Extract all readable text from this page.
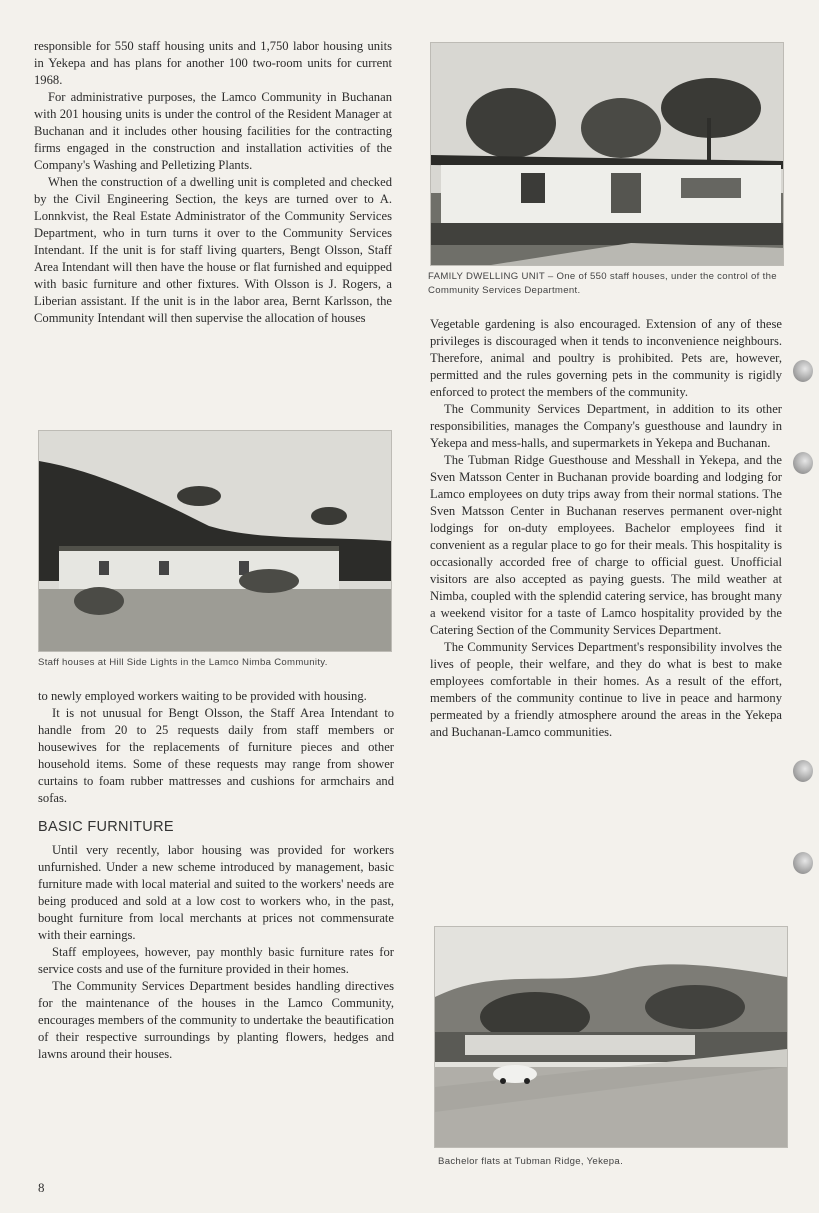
responsible for 550 staff housing units and 1,750 labor housing units in Yekepa and has plans for another 100 two-room units for current 1968.

For administrative purposes, the Lamco Community in Buchanan with 201 housing units is under the control of the Resident Manager at Buchanan and it includes other housing facilities for the contracting firms engaged in the construction and installation activities of the Company's Washing and Pelletizing Plants.

When the construction of a dwelling unit is completed and checked by the Civil Engineering Section, the keys are turned over to A. Lonnkvist, the Real Estate Administrator of the Community Services Department, who in turn turns it over to the Community Services Intendant. If the unit is for staff living quarters, Bengt Olsson, Staff Area Intendant will then have the house or flat furnished and equipped with basic furniture and other fixtures. With Olsson is J. Rogers, a Liberian assistant. If the unit is in the labor area, Bernt Karlsson, the Community Intendant will then supervise the allocation of houses

FAMILY DWELLING UNIT – One of 550 staff houses, under the control of the Community Services Department.
Staff houses at Hill Side Lights in the Lamco Nimba Community.

to newly employed workers waiting to be provided with housing.

It is not unusual for Bengt Olsson, the Staff Area Intendant to handle from 20 to 25 requests daily from staff members or housewives for the replacements of furniture pieces and other household items. Some of these requests may range from shower curtains to foam rubber mattresses and cushions for armchairs and sofas.

BASIC FURNITURE

Until very recently, labor housing was provided for workers unfurnished. Under a new scheme introduced by management, basic furniture made with local material and suited to the workers' needs are being produced and sold at a low cost to workers who, in the past, bought furniture from local merchants at prices not commensurate with their earnings.

Staff employees, however, pay monthly basic furniture rates for service costs and use of the furniture provided in their homes.

The Community Services Department besides handling directives for the maintenance of the houses in the Lamco Community, encourages members of the community to undertake the beautification of their respective surroundings by planting flowers, hedges and lawns around their houses.

Vegetable gardening is also encouraged. Extension of any of these privileges is discouraged when it tends to inconvenience neighbours. Therefore, animal and poultry is prohibited. Pets are, however, permitted and the rules governing pets in the community is rigidly enforced to protect the members of the community.

The Community Services Department, in addition to its other responsibilities, manages the Company's guesthouse and laundry in Yekepa and mess-halls, and supermarkets in Yekepa and Buchanan.

The Tubman Ridge Guesthouse and Messhall in Yekepa, and the Sven Matsson Center in Buchanan provide boarding and lodging for Lamco employees on duty trips away from their normal stations. The Sven Matsson Center in Buchanan reserves permanent over-night lodgings for on-duty employees. Bachelor employees find it convenient as a regular place to go for their meals. This hospitality is occasionally accorded free of charge to official guest. Unofficial visitors are also accepted as paying guests. The mild weather at Nimba, coupled with the splendid catering service, has brought many a weekend visitor for a taste of Lamco hospitality provided by the Catering Section of the Community Services Department.

The Community Services Department's responsibility involves the lives of people, their welfare, and they do what is best to make employees comfortable in their homes. As a result of the effort, members of the community continue to live in peace and harmony permeated by a friendly atmosphere around the areas in the Yekepa and Buchanan-Lamco communities.

Bachelor flats at Tubman Ridge, Yekepa.
8
